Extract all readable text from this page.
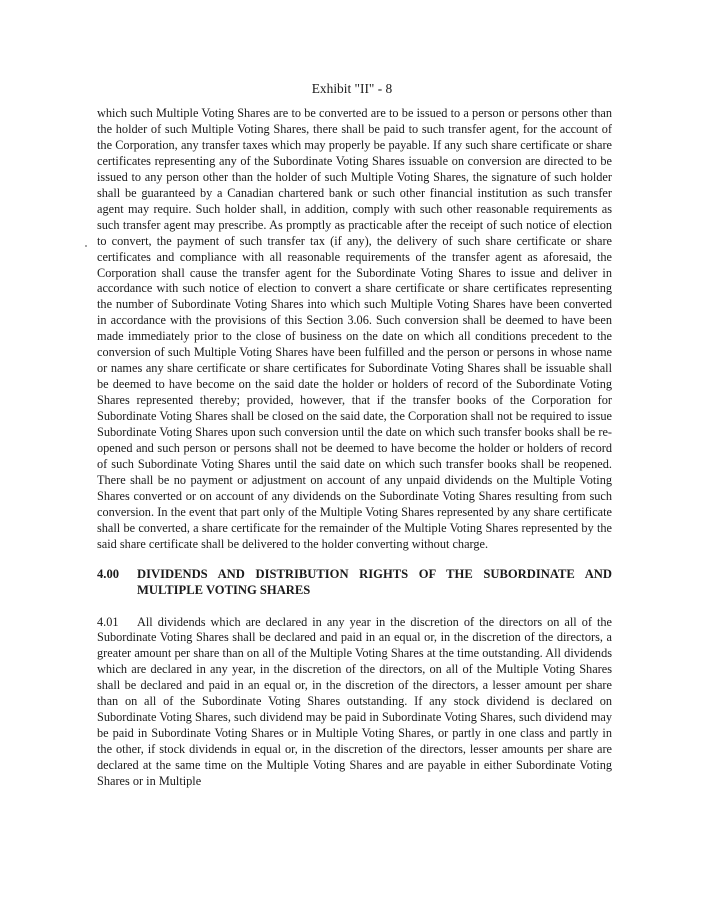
Exhibit "II" - 8

which such Multiple Voting Shares are to be converted are to be issued to a person or persons other than the holder of such Multiple Voting Shares, there shall be paid to such transfer agent, for the account of the Corporation, any transfer taxes which may properly be payable. If any such share certificate or share certificates representing any of the Subordinate Voting Shares issuable on conversion are directed to be issued to any person other than the holder of such Multiple Voting Shares, the signature of such holder shall be guaranteed by a Canadian chartered bank or such other financial institution as such transfer agent may require. Such holder shall, in addition, comply with such other reasonable requirements as such transfer agent may prescribe. As promptly as practicable after the receipt of such notice of election to convert, the payment of such transfer tax (if any), the delivery of such share certificate or share certificates and compliance with all reasonable requirements of the transfer agent as aforesaid, the Corporation shall cause the transfer agent for the Subordinate Voting Shares to issue and deliver in accordance with such notice of election to convert a share certificate or share certificates representing the number of Subordinate Voting Shares into which such Multiple Voting Shares have been converted in accordance with the provisions of this Section 3.06. Such conversion shall be deemed to have been made immediately prior to the close of business on the date on which all conditions precedent to the conversion of such Multiple Voting Shares have been fulfilled and the person or persons in whose name or names any share certificate or share certificates for Subordinate Voting Shares shall be issuable shall be deemed to have become on the said date the holder or holders of record of the Subordinate Voting Shares represented thereby; provided, however, that if the transfer books of the Corporation for Subordinate Voting Shares shall be closed on the said date, the Corporation shall not be required to issue Subordinate Voting Shares upon such conversion until the date on which such transfer books shall be re-opened and such person or persons shall not be deemed to have become the holder or holders of record of such Subordinate Voting Shares until the said date on which such transfer books shall be reopened. There shall be no payment or adjustment on account of any unpaid dividends on the Multiple Voting Shares converted or on account of any dividends on the Subordinate Voting Shares resulting from such conversion. In the event that part only of the Multiple Voting Shares represented by any share certificate shall be converted, a share certificate for the remainder of the Multiple Voting Shares represented by the said share certificate shall be delivered to the holder converting without charge.

4.00	DIVIDENDS AND DISTRIBUTION RIGHTS OF THE SUBORDINATE AND MULTIPLE VOTING SHARES

4.01 All dividends which are declared in any year in the discretion of the directors on all of the Subordinate Voting Shares shall be declared and paid in an equal or, in the discretion of the directors, a greater amount per share than on all of the Multiple Voting Shares at the time outstanding. All dividends which are declared in any year, in the discretion of the directors, on all of the Multiple Voting Shares shall be declared and paid in an equal or, in the discretion of the directors, a lesser amount per share than on all of the Subordinate Voting Shares outstanding. If any stock dividend is declared on Subordinate Voting Shares, such dividend may be paid in Subordinate Voting Shares, such dividend may be paid in Subordinate Voting Shares or in Multiple Voting Shares, or partly in one class and partly in the other, if stock dividends in equal or, in the discretion of the directors, lesser amounts per share are declared at the same time on the Multiple Voting Shares and are payable in either Subordinate Voting Shares or in Multiple
